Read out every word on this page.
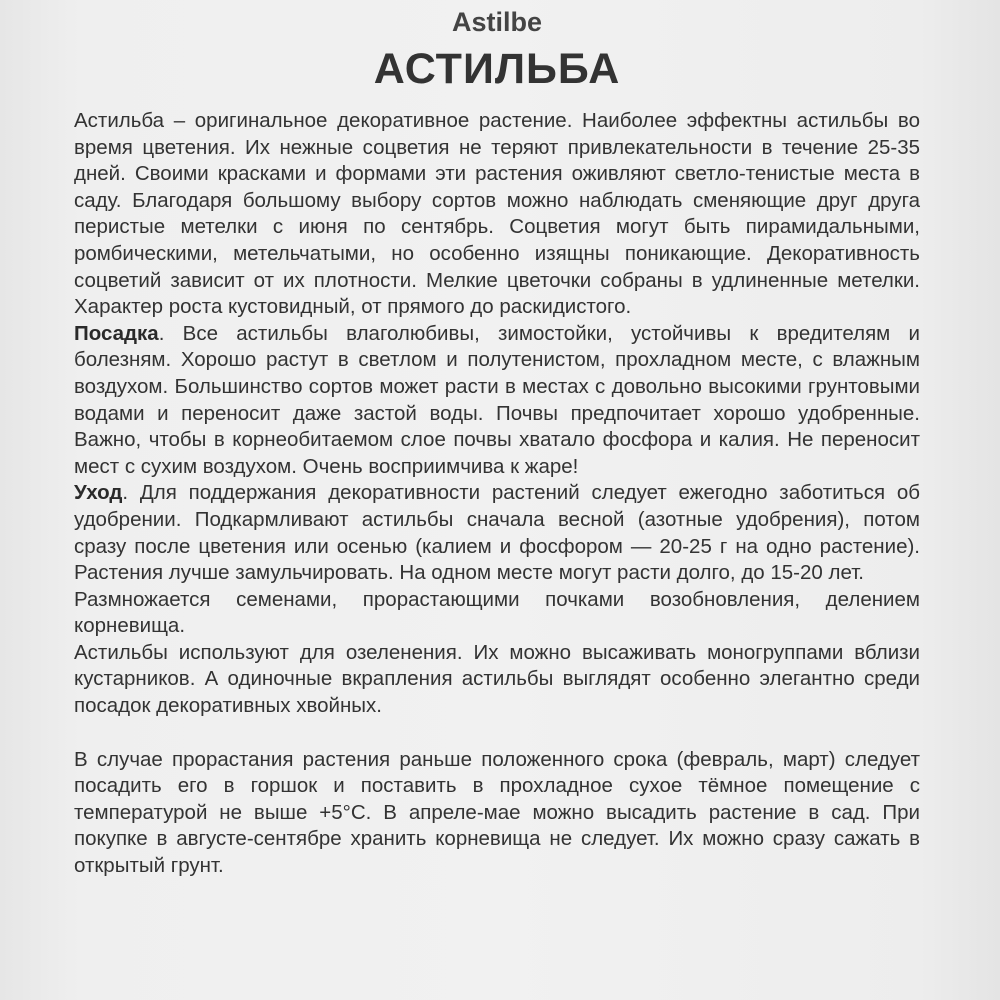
Astilbe
АСТИЛЬБА

Астильба – оригинальное декоративное растение. Наиболее эффектны астильбы во время цветения. Их нежные соцветия не теряют привлекательности в течение 25-35 дней. Своими красками и формами эти растения оживляют светло-тенистые места в саду. Благодаря большому выбору сортов можно наблюдать сменяющие друг друга перистые метелки с июня по сентябрь. Соцветия могут быть пирамидальными, ромбическими, метельчатыми, но особенно изящны поникающие. Декоративность соцветий зависит от их плотности. Мелкие цветочки собраны в удлиненные метелки. Характер роста кустовидный, от прямого до раскидистого.

Посадка. Все астильбы влаголюбивы, зимостойки, устойчивы к вредителям и болезням. Хорошо растут в светлом и полутенистом, прохладном месте, с влажным воздухом. Большинство сортов может расти в местах с довольно высокими грунтовыми водами и переносит даже застой воды. Почвы предпочитает хорошо удобренные. Важно, чтобы в корнеобитаемом слое почвы хватало фосфора и калия. Не переносит мест с сухим воздухом. Очень восприимчива к жаре!

Уход. Для поддержания декоративности растений следует ежегодно заботиться об удобрении. Подкармливают астильбы сначала весной (азотные удобрения), потом сразу после цветения или осенью (калием и фосфором — 20-25 г на одно растение). Растения лучше замульчировать. На одном месте могут расти долго, до 15-20 лет.

Размножается семенами, прорастающими почками возобновления, делением корневища.

Астильбы используют для озеленения. Их можно высаживать моногруппами вблизи кустарников. А одиночные вкрапления астильбы выглядят особенно элегантно среди посадок декоративных хвойных.

В случае прорастания растения раньше положенного срока (февраль, март) следует посадить его в горшок и поставить в прохладное сухое тёмное помещение с температурой не выше +5°С. В апреле-мае можно высадить растение в сад. При покупке в августе-сентябре хранить корневища не следует. Их можно сразу сажать в открытый грунт.
